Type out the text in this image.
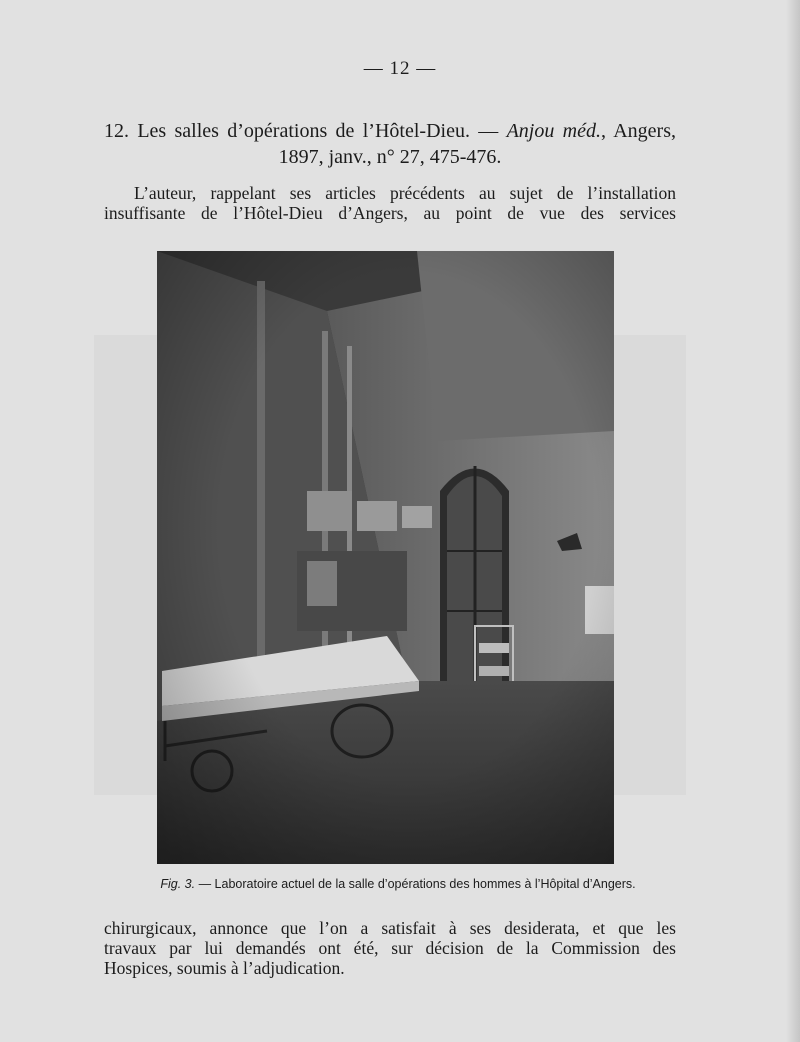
— 12 —
12. Les salles d’opérations de l’Hôtel-Dieu. — Anjou méd., Angers,
1897, janv., n° 27, 475-476.
L’auteur, rappelant ses articles précédents au sujet de l’installation
insuffisante de l’Hôtel-Dieu d’Angers, au point de vue des services
Fig. 3. — Laboratoire actuel de la salle d’opérations des hommes à l’Hôpital d’Angers.
chirurgicaux, annonce que l’on a satisfait à ses desiderata, et que les
travaux par lui demandés ont été, sur décision de la Commission des
Hospices, soumis à l’adjudication.
